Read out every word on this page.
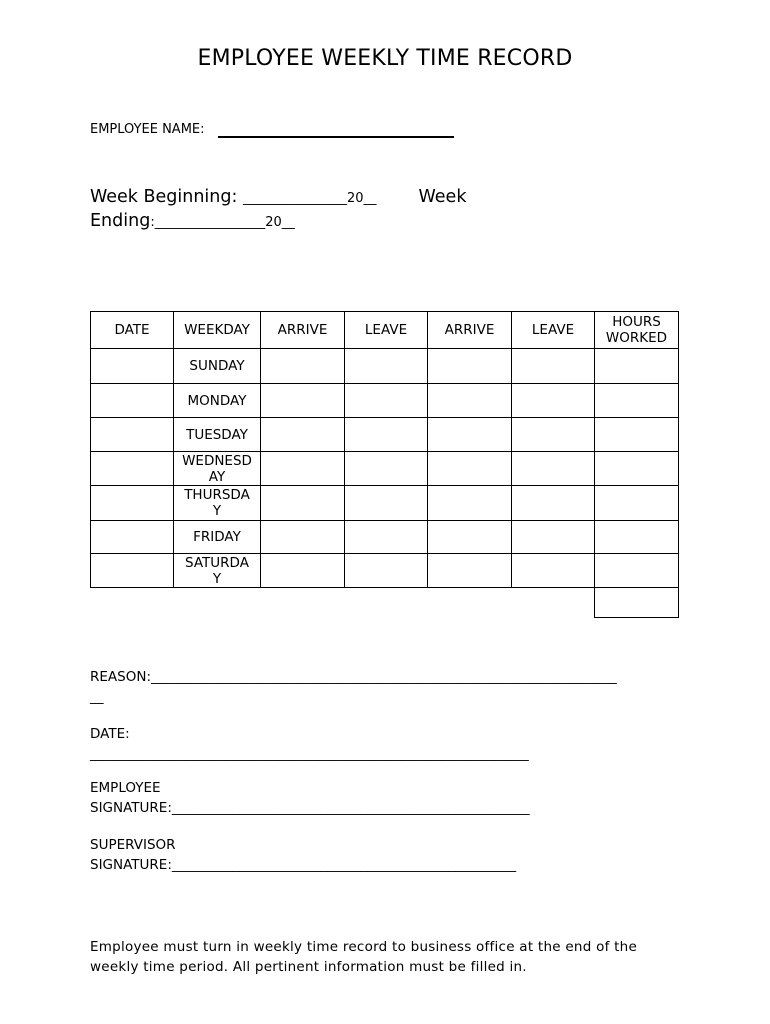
EMPLOYEE WEEKLY TIME RECORD
EMPLOYEE NAME:
Week Beginning: ________________20__ Week
Ending:_________________20__
DATE	WEEKDAY	ARRIVE	LEAVE	ARRIVE	LEAVE	HOURS
WORKED
	SUNDAY					
	MONDAY					
	TUESDAY					
	WEDNESD
AY					
	THURSDA
Y					
	FRIDAY					
	SATURDA
Y					

REASON:_____________________________________________________________________
__
DATE:
_________________________________________________________________
EMPLOYEE
SIGNATURE:_____________________________________________________
SUPERVISOR
SIGNATURE:___________________________________________________
Employee must turn in weekly time record to business office at the end of the
weekly time period. All pertinent information must be filled in.
